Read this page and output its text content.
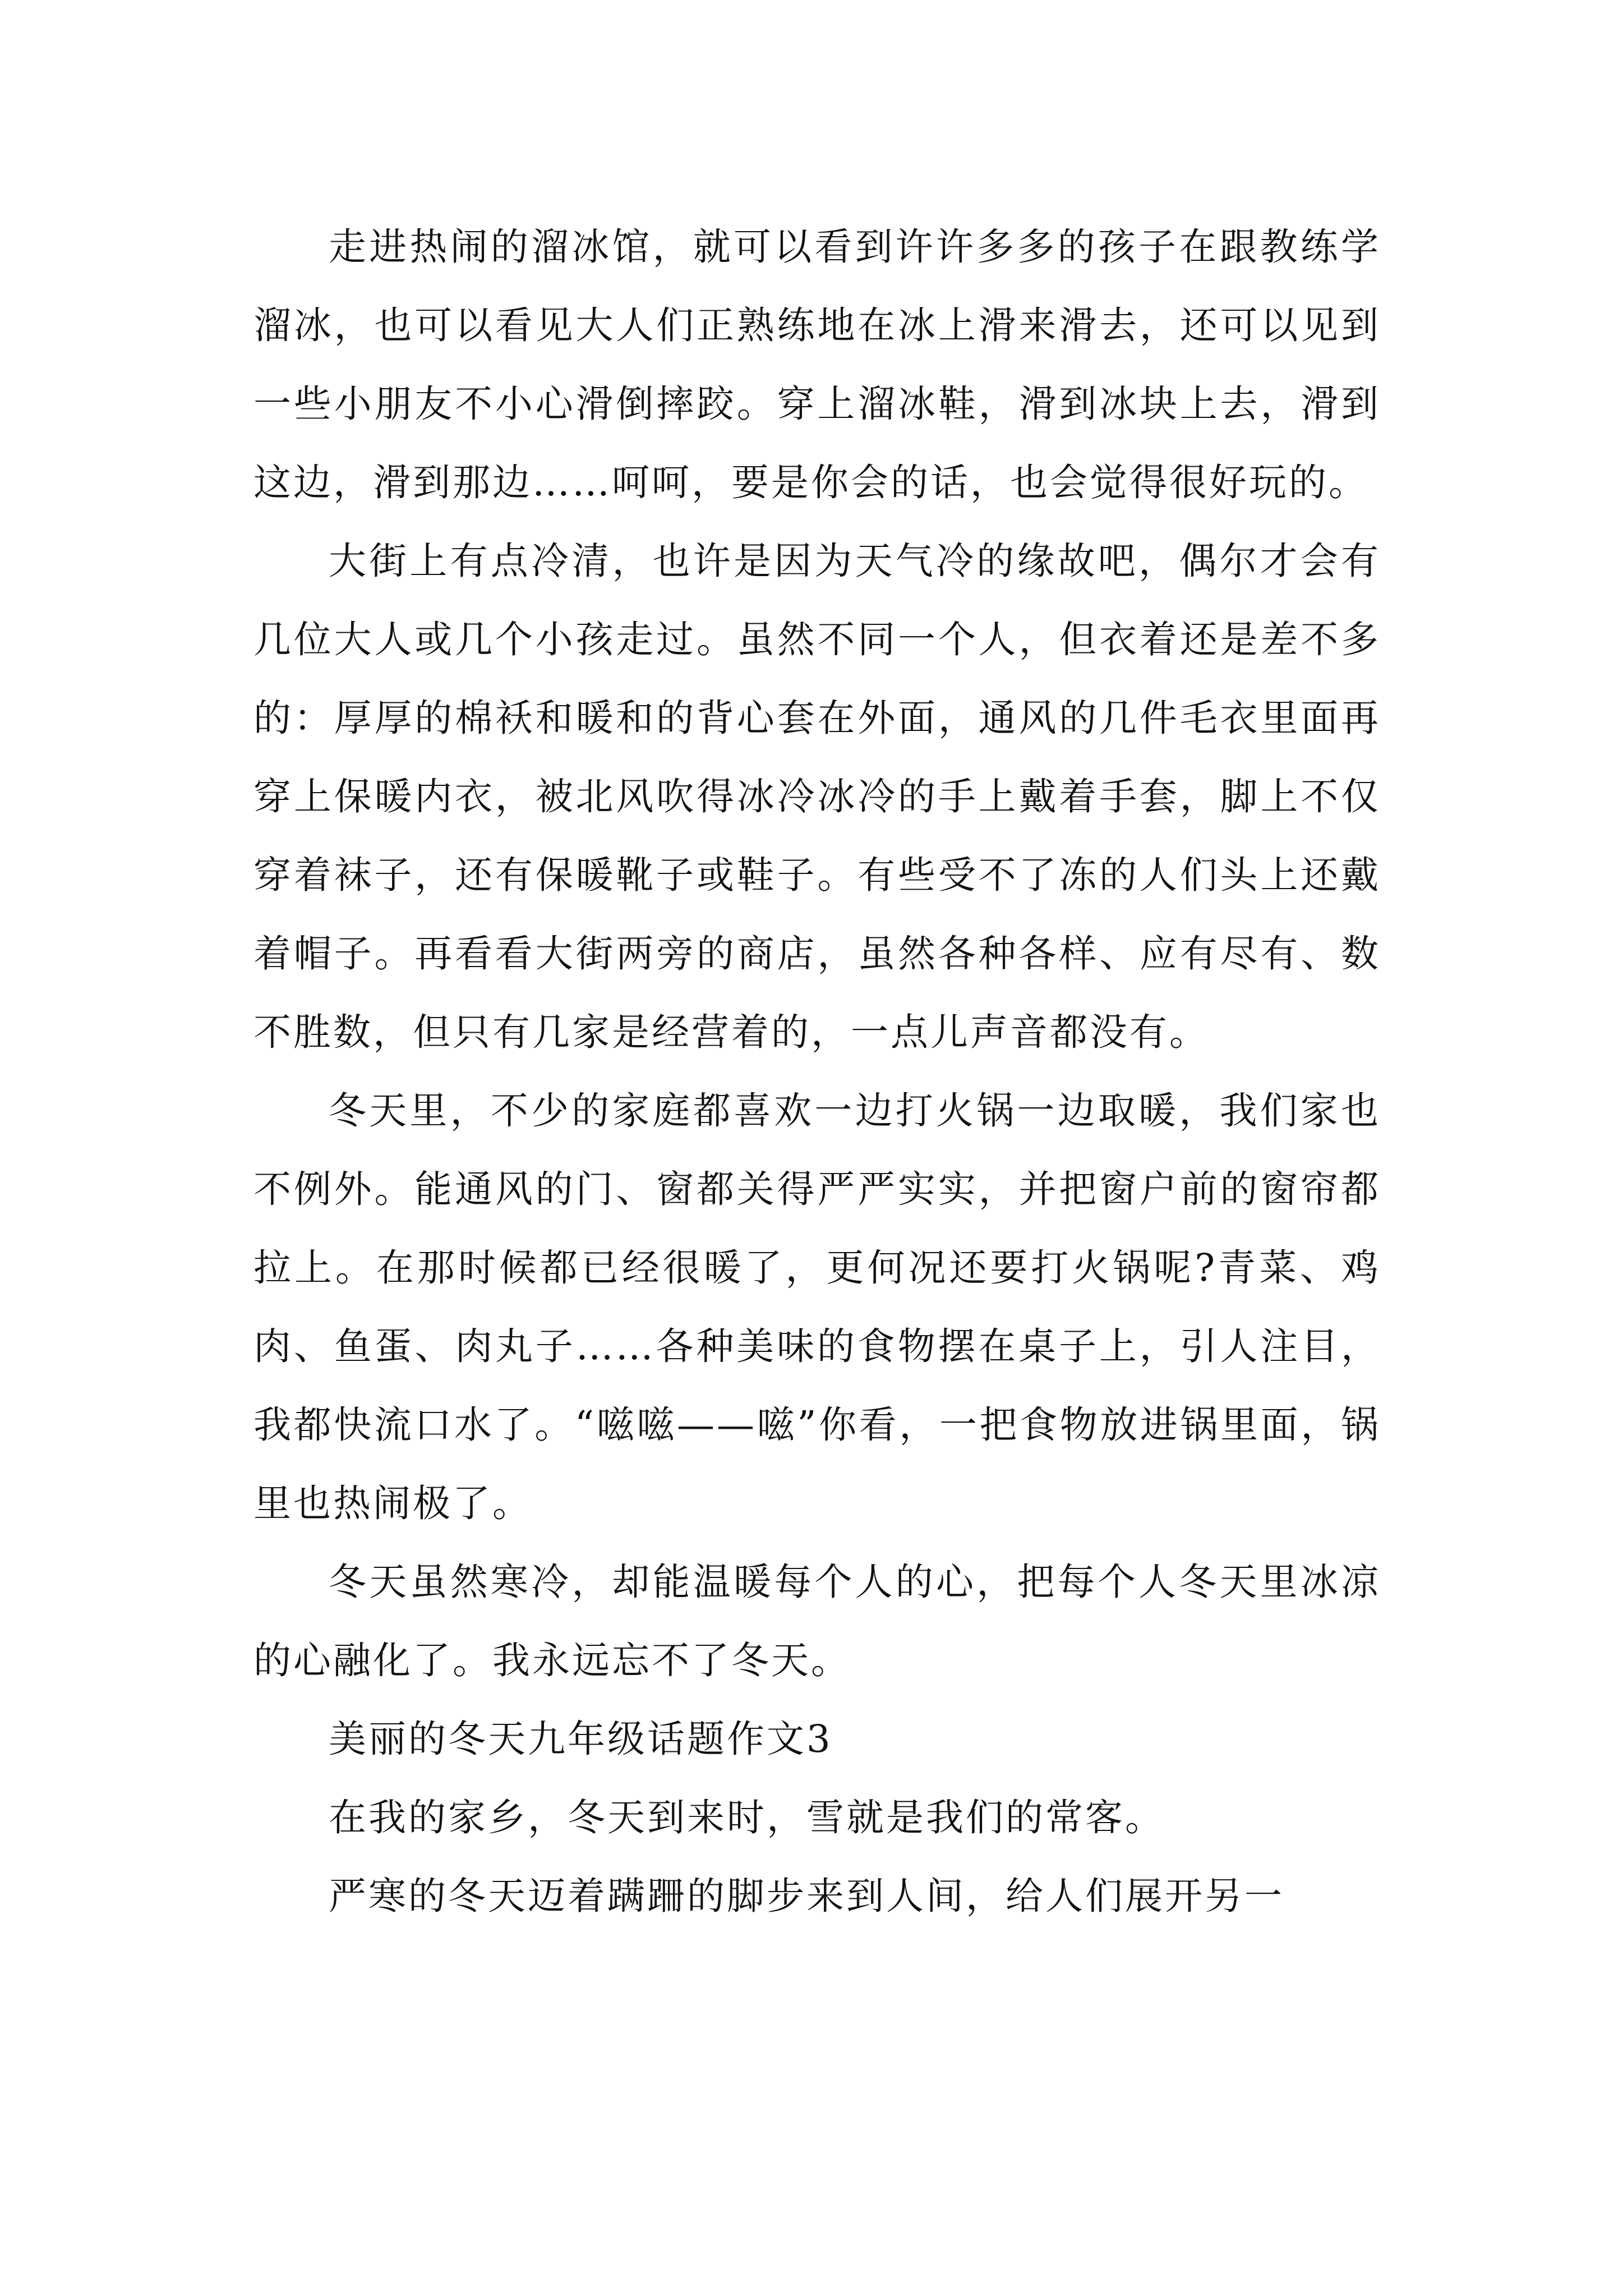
走进热闹的溜冰馆，就可以看到许许多多的孩子在跟教练学溜冰，也可以看见大人们正熟练地在冰上滑来滑去，还可以见到一些小朋友不小心滑倒摔跤。穿上溜冰鞋，滑到冰块上去，滑到这边，滑到那边……呵呵，要是你会的话，也会觉得很好玩的。

大街上有点冷清，也许是因为天气冷的缘故吧，偶尔才会有几位大人或几个小孩走过。虽然不同一个人，但衣着还是差不多的：厚厚的棉袄和暖和的背心套在外面，通风的几件毛衣里面再穿上保暖内衣，被北风吹得冰冷冰冷的手上戴着手套，脚上不仅穿着袜子，还有保暖靴子或鞋子。有些受不了冻的人们头上还戴着帽子。再看看大街两旁的商店，虽然各种各样、应有尽有、数不胜数，但只有几家是经营着的，一点儿声音都没有。

冬天里，不少的家庭都喜欢一边打火锅一边取暖，我们家也不例外。能通风的门、窗都关得严严实实，并把窗户前的窗帘都拉上。在那时候都已经很暖了，更何况还要打火锅呢?青菜、鸡肉、鱼蛋、肉丸子……各种美味的食物摆在桌子上，引人注目，我都快流口水了。“嗞嗞——嗞”你看，一把食物放进锅里面，锅里也热闹极了。

冬天虽然寒冷，却能温暖每个人的心，把每个人冬天里冰凉的心融化了。我永远忘不了冬天。

美丽的冬天九年级话题作文3

在我的家乡，冬天到来时，雪就是我们的常客。

严寒的冬天迈着蹒跚的脚步来到人间，给人们展开另一
